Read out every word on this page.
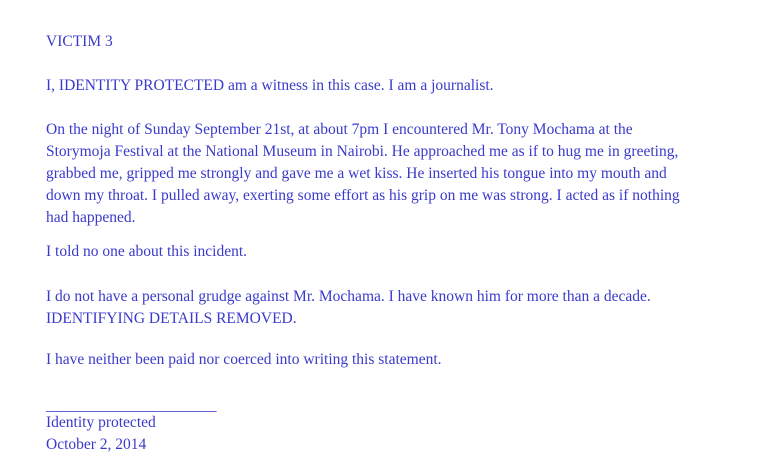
VICTIM 3

I, IDENTITY PROTECTED am a witness in this case. I am a journalist.

On the night of Sunday September 21st, at about 7pm I encountered Mr. Tony Mochama at the

Storymoja Festival at the National Museum in Nairobi. He approached me as if to hug me in greeting,

grabbed me, gripped me strongly and gave me a wet kiss. He inserted his tongue into my mouth and

down my throat. I pulled away, exerting some effort as his grip on me was strong. I acted as if nothing

had happened.

I told no one about this incident.

I do not have a personal grudge against Mr. Mochama. I have known him for more than a decade.

IDENTIFYING DETAILS REMOVED.

I have neither been paid nor coerced into writing this statement.

______________________

Identity protected

October 2, 2014
